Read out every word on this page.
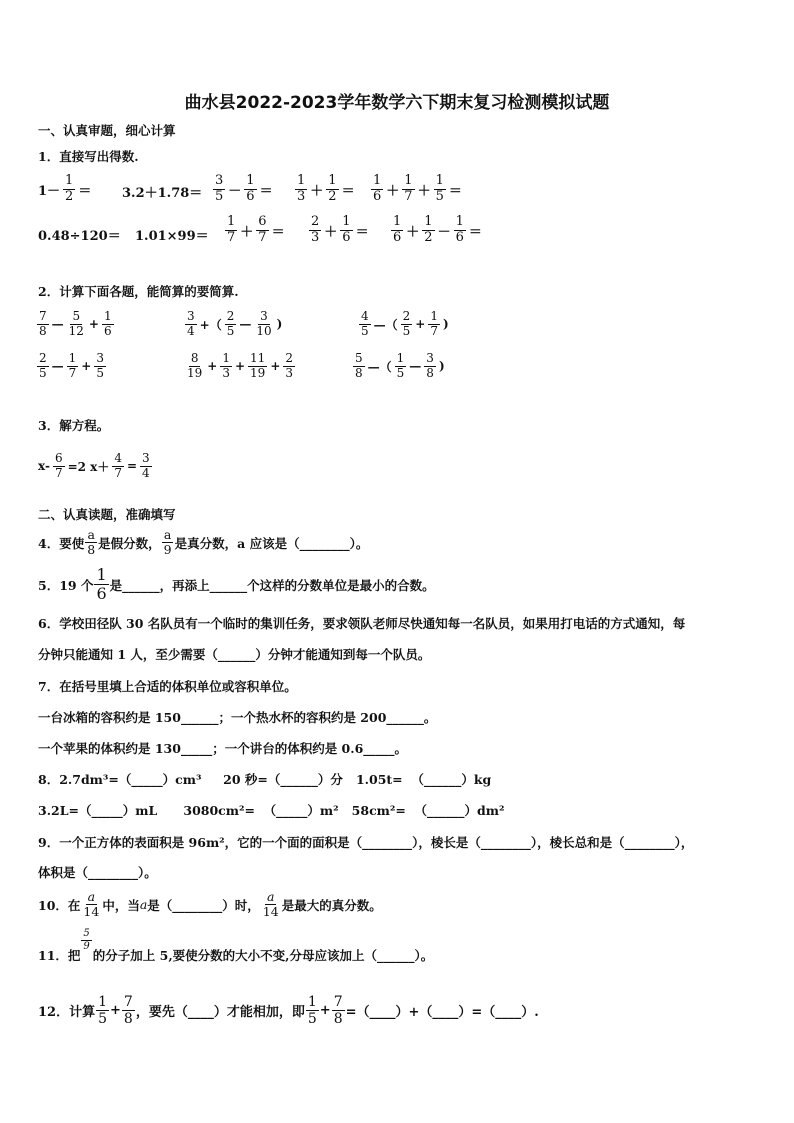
曲水县2022-2023学年数学六下期末复习检测模拟试题
一、认真审题，细心计算
1．直接写出得数.
$1- \frac{1}{2} = 3.2+1.78= \frac{3}{5} - \frac{1}{6} = \frac{1}{3} + \frac{1}{2} = \frac{1}{6} + \frac{1}{7} + \frac{1}{5}$ ＝
$0.48\div 120= 1.01\times 99= \frac{1}{7} + \frac{6}{7} = \frac{2}{3} + \frac{1}{6} = \frac{1}{6} + \frac{1}{2} - \frac{1}{6}$ ＝
2．计算下面各题，能简算的要简算.
$\frac{7}{8}$ — $\frac{5}{12} + \frac{1}{6}$	$\frac{3}{4}$ +（ $\frac{2}{5}$ — $\frac{3}{10}$ )	$\frac{4}{5}$ —（ $\frac{2}{5} + \frac{1}{7}$ )
$\frac{2}{5}$ — $\frac{1}{7} + \frac{3}{5}$	$\frac{8}{19} + \frac{1}{3} + \frac{11}{19} + \frac{2}{3}$	$\frac{5}{8}$ —（ $\frac{1}{5}$ — $\frac{3}{8}$ )
3．解方程。
$x- \frac{6}{7} =2$ $x+ \frac{4}{7} = \frac{3}{4}$
二、认真读题，准确填写
4．要使 $\frac{a}{8}$ 是假分数， $\frac{a}{9}$ 是真分数，a 应该是（________）。
5．19 个 $\frac{1}{6}$ 是______，再添上______个这样的分数单位是最小的合数。
6．学校田径队 30 名队员有一个临时的集训任务，要求领队老师尽快通知每一名队员，如果用打电话的方式通知，每
分钟只能通知 1 人，至少需要（______）分钟才能通知到每一个队员。
7．在括号里填上合适的体积单位或容积单位。
一台冰箱的容积约是 150______；一个热水杯的容积约是 200______。
一个苹果的体积约是 130_____；一个讲台的体积约是 0.6_____。
8．2.7dm³=（_____）cm³     20 秒=（______）分   1.05t=  （______）kg
3.2L=（_____）mL      3080cm²=  （_____）m²   58cm²=  （______）dm²
9．一个正方体的表面积是 96m²，它的一个面的面积是（________），棱长是（________），棱长总和是（________），
体积是（________）。
10．在 $\frac{a}{14}$ 中，当 a 是（________）时， $\frac{a}{14}$ 是最大的真分数。
11．把
$\frac{5}{9}$
的分子加上 5,要使分数的大小不变,分母应该加上（______）。
12．计算 $\frac{1}{5} + \frac{7}{8}$ ，要先（____）才能相加，即 $\frac{1}{5} + \frac{7}{8}$ =（____）+（____）=（____）.
